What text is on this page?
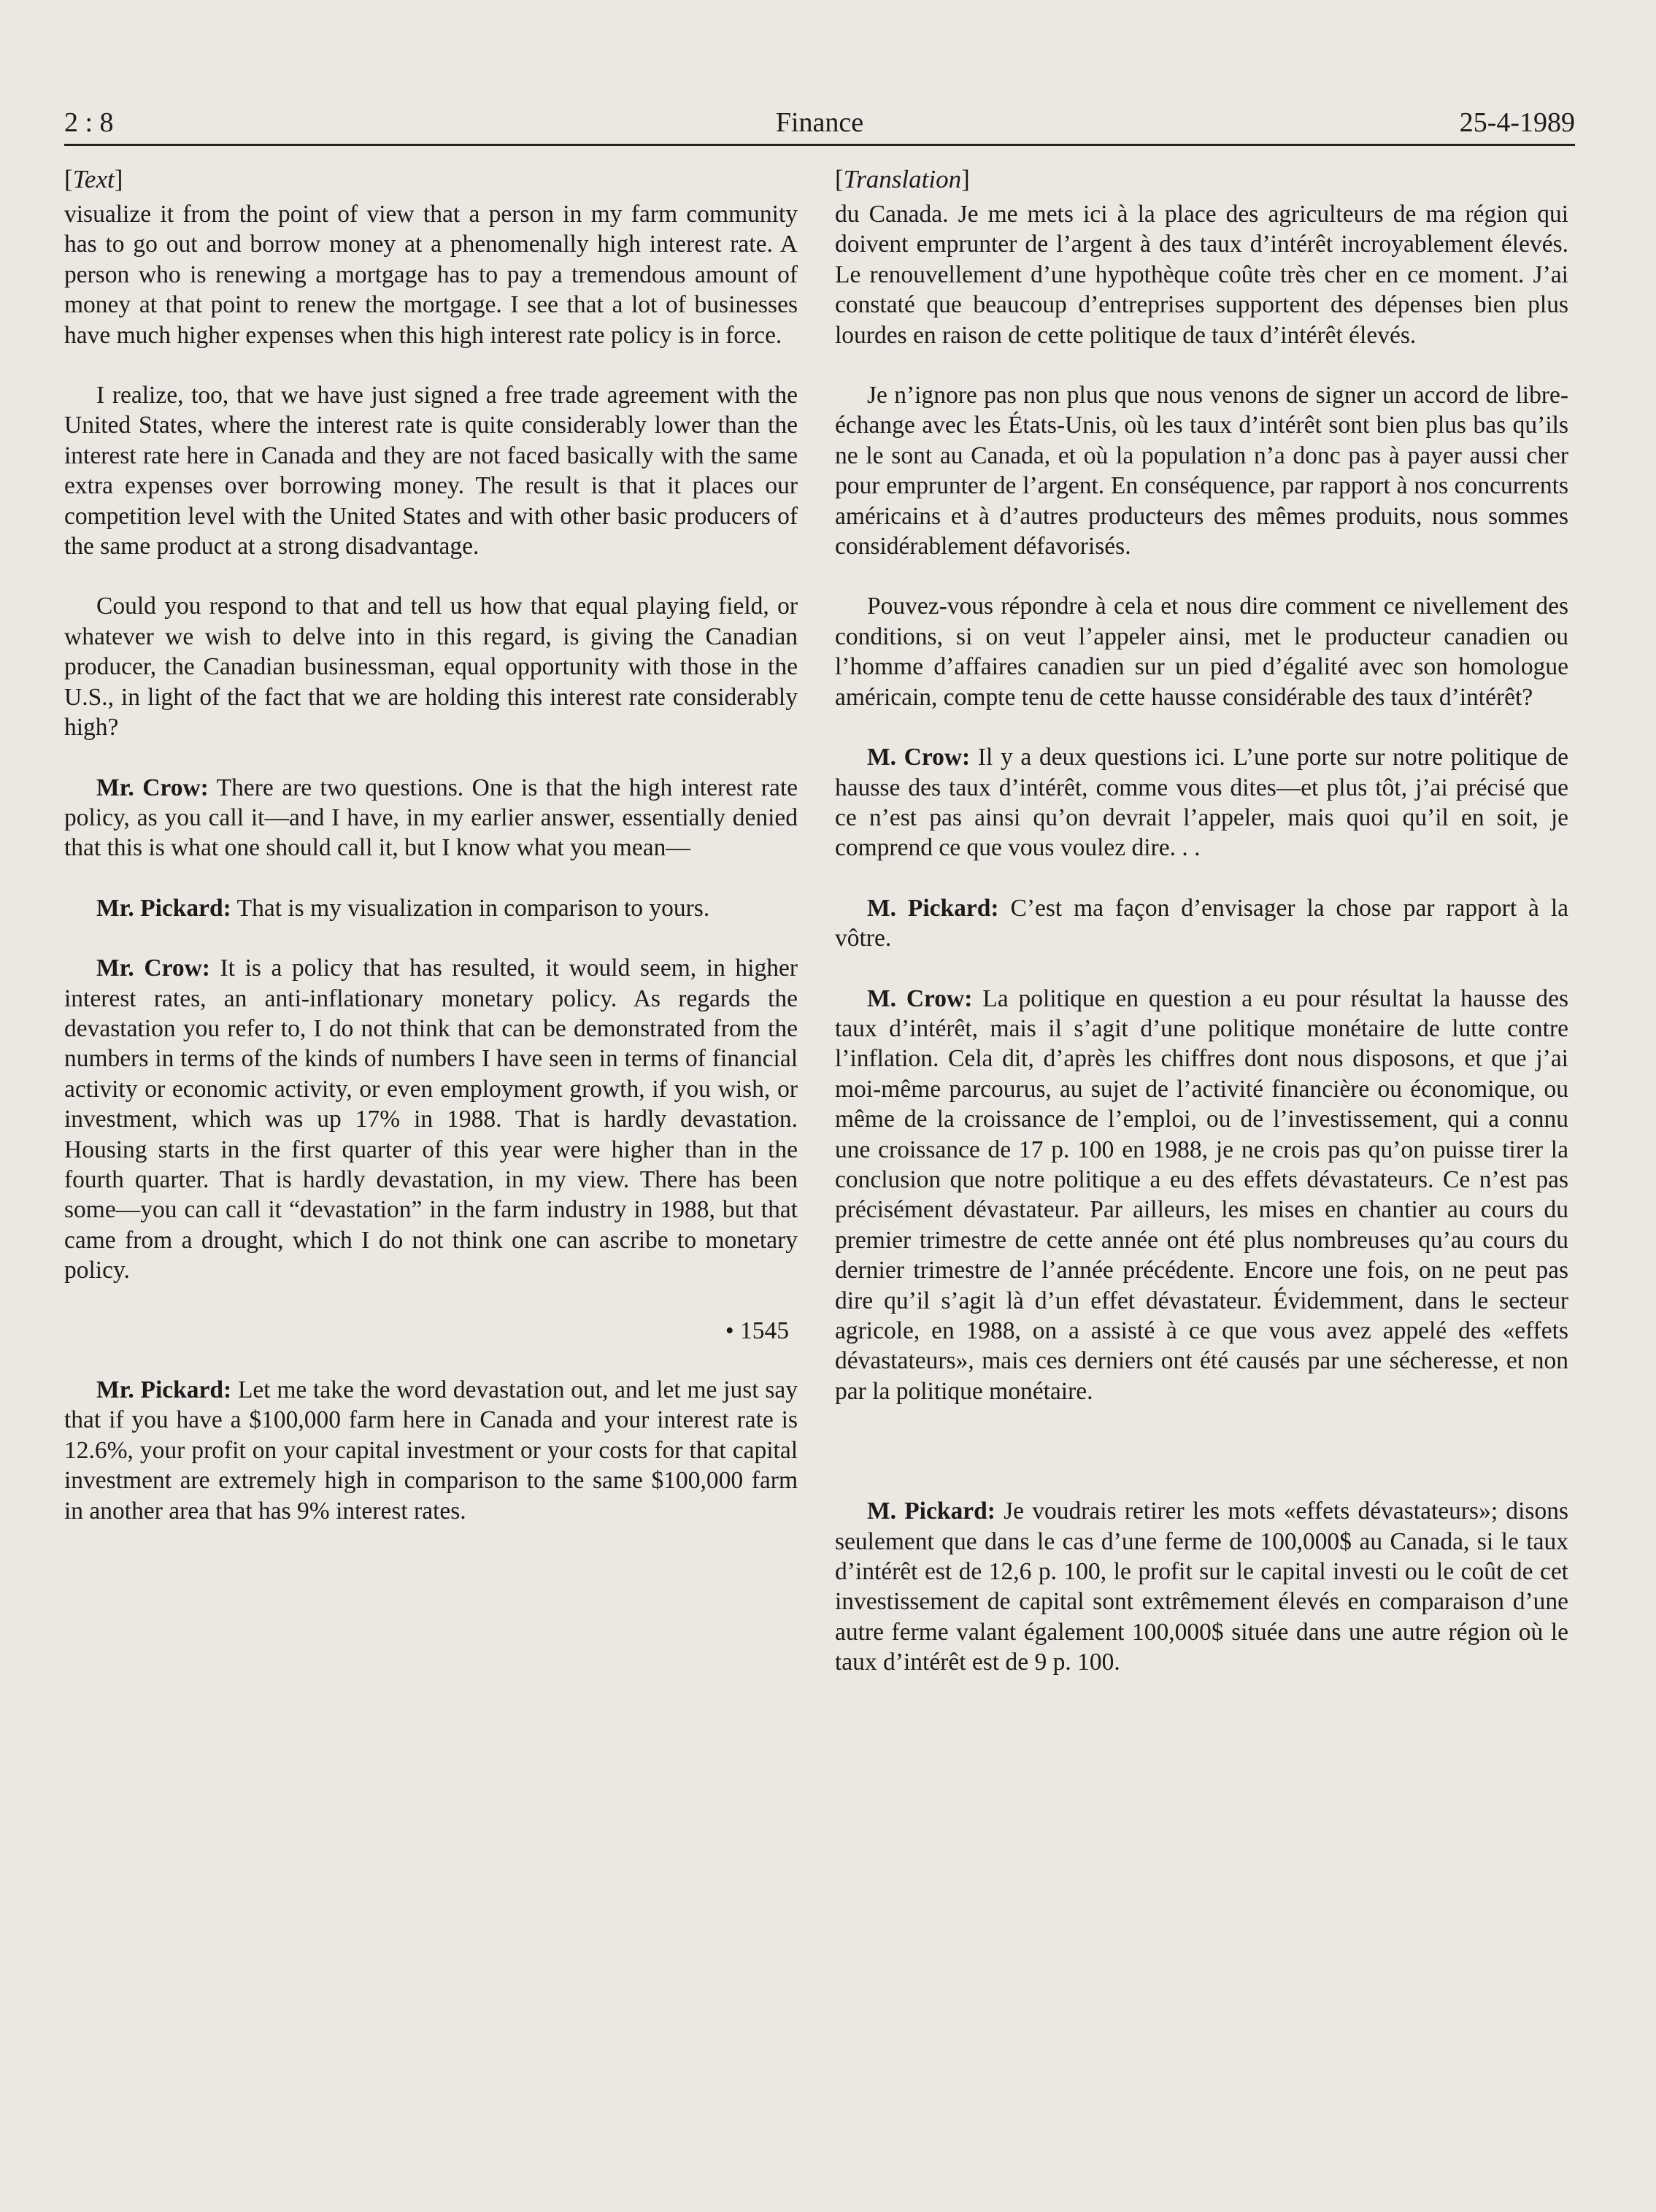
2 : 8	Finance	25-4-1989
[Text]

visualize it from the point of view that a person in my farm community has to go out and borrow money at a phenomenally high interest rate. A person who is renewing a mortgage has to pay a tremendous amount of money at that point to renew the mortgage. I see that a lot of businesses have much higher expenses when this high interest rate policy is in force.

I realize, too, that we have just signed a free trade agreement with the United States, where the interest rate is quite considerably lower than the interest rate here in Canada and they are not faced basically with the same extra expenses over borrowing money. The result is that it places our competition level with the United States and with other basic producers of the same product at a strong disadvantage.

Could you respond to that and tell us how that equal playing field, or whatever we wish to delve into in this regard, is giving the Canadian producer, the Canadian businessman, equal opportunity with those in the U.S., in light of the fact that we are holding this interest rate considerably high?

Mr. Crow: There are two questions. One is that the high interest rate policy, as you call it—and I have, in my earlier answer, essentially denied that this is what one should call it, but I know what you mean—

Mr. Pickard: That is my visualization in comparison to yours.

Mr. Crow: It is a policy that has resulted, it would seem, in higher interest rates, an anti-inflationary monetary policy. As regards the devastation you refer to, I do not think that can be demonstrated from the numbers in terms of the kinds of numbers I have seen in terms of financial activity or economic activity, or even employment growth, if you wish, or investment, which was up 17% in 1988. That is hardly devastation. Housing starts in the first quarter of this year were higher than in the fourth quarter. That is hardly devastation, in my view. There has been some—you can call it “devastation” in the farm industry in 1988, but that came from a drought, which I do not think one can ascribe to monetary policy.

• 1545

Mr. Pickard: Let me take the word devastation out, and let me just say that if you have a $100,000 farm here in Canada and your interest rate is 12.6%, your profit on your capital investment or your costs for that capital investment are extremely high in comparison to the same $100,000 farm in another area that has 9% interest rates.

[Translation]

du Canada. Je me mets ici à la place des agriculteurs de ma région qui doivent emprunter de l’argent à des taux d’intérêt incroyablement élevés. Le renouvellement d’une hypothèque coûte très cher en ce moment. J’ai constaté que beaucoup d’entreprises supportent des dépenses bien plus lourdes en raison de cette politique de taux d’intérêt élevés.

Je n’ignore pas non plus que nous venons de signer un accord de libre-échange avec les États-Unis, où les taux d’intérêt sont bien plus bas qu’ils ne le sont au Canada, et où la population n’a donc pas à payer aussi cher pour emprunter de l’argent. En conséquence, par rapport à nos concurrents américains et à d’autres producteurs des mêmes produits, nous sommes considérablement défavorisés.

Pouvez-vous répondre à cela et nous dire comment ce nivellement des conditions, si on veut l’appeler ainsi, met le producteur canadien ou l’homme d’affaires canadien sur un pied d’égalité avec son homologue américain, compte tenu de cette hausse considérable des taux d’intérêt?

M. Crow: Il y a deux questions ici. L’une porte sur notre politique de hausse des taux d’intérêt, comme vous dites—et plus tôt, j’ai précisé que ce n’est pas ainsi qu’on devrait l’appeler, mais quoi qu’il en soit, je comprend ce que vous voulez dire. . .

M. Pickard: C’est ma façon d’envisager la chose par rapport à la vôtre.

M. Crow: La politique en question a eu pour résultat la hausse des taux d’intérêt, mais il s’agit d’une politique monétaire de lutte contre l’inflation. Cela dit, d’après les chiffres dont nous disposons, et que j’ai moi-même parcourus, au sujet de l’activité financière ou économique, ou même de la croissance de l’emploi, ou de l’investissement, qui a connu une croissance de 17 p. 100 en 1988, je ne crois pas qu’on puisse tirer la conclusion que notre politique a eu des effets dévastateurs. Ce n’est pas précisément dévastateur. Par ailleurs, les mises en chantier au cours du premier trimestre de cette année ont été plus nombreuses qu’au cours du dernier trimestre de l’année précédente. Encore une fois, on ne peut pas dire qu’il s’agit là d’un effet dévastateur. Évidemment, dans le secteur agricole, en 1988, on a assisté à ce que vous avez appelé des «effets dévastateurs», mais ces derniers ont été causés par une sécheresse, et non par la politique monétaire.

M. Pickard: Je voudrais retirer les mots «effets dévastateurs»; disons seulement que dans le cas d’une ferme de 100,000$ au Canada, si le taux d’intérêt est de 12,6 p. 100, le profit sur le capital investi ou le coût de cet investissement de capital sont extrêmement élevés en comparaison d’une autre ferme valant également 100,000$ située dans une autre région où le taux d’intérêt est de 9 p. 100.
